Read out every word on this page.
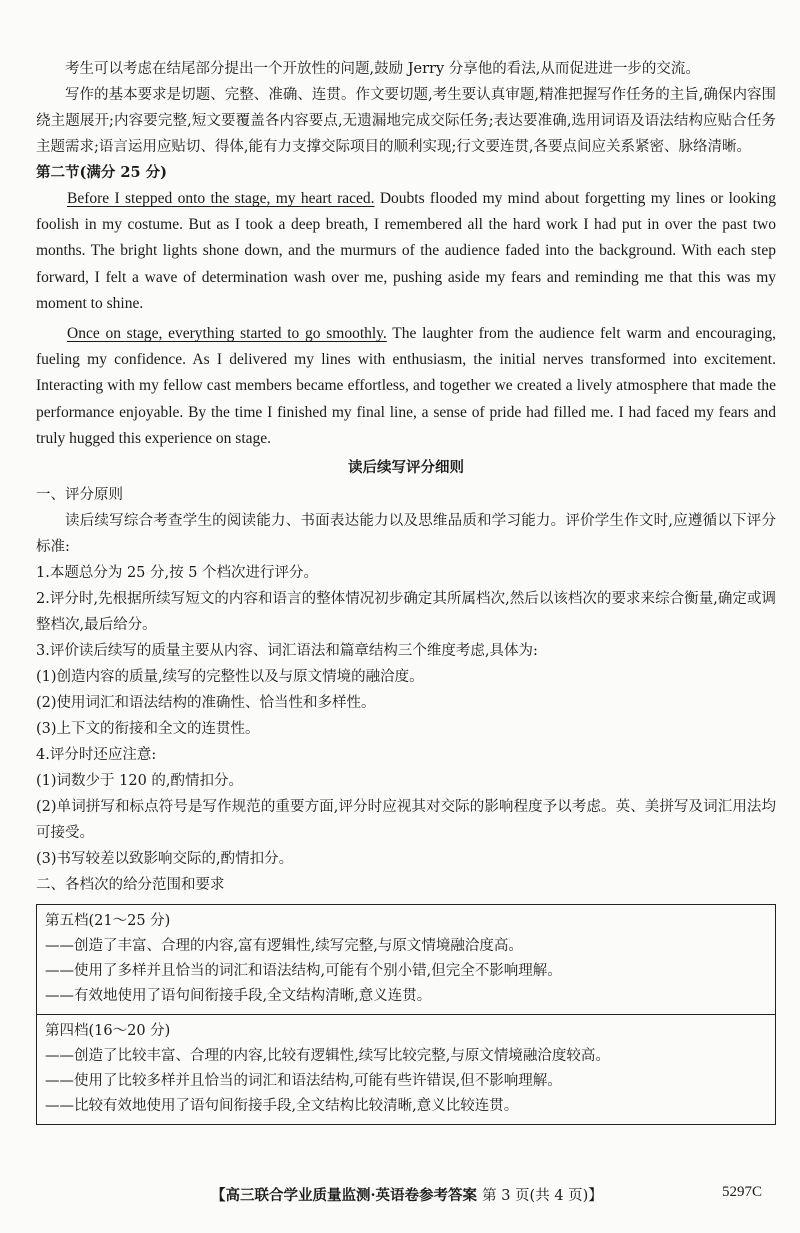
考生可以考虑在结尾部分提出一个开放性的问题,鼓励 Jerry 分享他的看法,从而促进进一步的交流。

写作的基本要求是切题、完整、准确、连贯。作文要切题,考生要认真审题,精准把握写作任务的主旨,确保内容围绕主题展开;内容要完整,短文要覆盖各内容要点,无遗漏地完成交际任务;表达要准确,选用词语及语法结构应贴合任务主题需求;语言运用应贴切、得体,能有力支撑交际项目的顺利实现;行文要连贯,各要点间应关系紧密、脉络清晰。

第二节(满分 25 分)

Before I stepped onto the stage, my heart raced. Doubts flooded my mind about forgetting my lines or looking foolish in my costume. But as I took a deep breath, I remembered all the hard work I had put in over the past two months. The bright lights shone down, and the murmurs of the audience faded into the background. With each step forward, I felt a wave of determination wash over me, pushing aside my fears and reminding me that this was my moment to shine.

Once on stage, everything started to go smoothly. The laughter from the audience felt warm and encouraging, fueling my confidence. As I delivered my lines with enthusiasm, the initial nerves transformed into excitement. Interacting with my fellow cast members became effortless, and together we created a lively atmosphere that made the performance enjoyable. By the time I finished my final line, a sense of pride had filled me. I had faced my fears and truly hugged this experience on stage.

读后续写评分细则

一、评分原则

读后续写综合考查学生的阅读能力、书面表达能力以及思维品质和学习能力。评价学生作文时,应遵循以下评分标准:

1.本题总分为 25 分,按 5 个档次进行评分。

2.评分时,先根据所续写短文的内容和语言的整体情况初步确定其所属档次,然后以该档次的要求来综合衡量,确定或调整档次,最后给分。

3.评价读后续写的质量主要从内容、词汇语法和篇章结构三个维度考虑,具体为:

(1)创造内容的质量,续写的完整性以及与原文情境的融洽度。

(2)使用词汇和语法结构的准确性、恰当性和多样性。

(3)上下文的衔接和全文的连贯性。

4.评分时还应注意:

(1)词数少于 120 的,酌情扣分。

(2)单词拼写和标点符号是写作规范的重要方面,评分时应视其对交际的影响程度予以考虑。英、美拼写及词汇用法均可接受。

(3)书写较差以致影响交际的,酌情扣分。

二、各档次的给分范围和要求

第五档(21～25 分)

——创造了丰富、合理的内容,富有逻辑性,续写完整,与原文情境融洽度高。

——使用了多样并且恰当的词汇和语法结构,可能有个别小错,但完全不影响理解。

——有效地使用了语句间衔接手段,全文结构清晰,意义连贯。

第四档(16～20 分)

——创造了比较丰富、合理的内容,比较有逻辑性,续写比较完整,与原文情境融洽度较高。

——使用了比较多样并且恰当的词汇和语法结构,可能有些许错误,但不影响理解。

——比较有效地使用了语句间衔接手段,全文结构比较清晰,意义比较连贯。

【高三联合学业质量监测·英语卷参考答案 第 3 页(共 4 页)】	5297C
